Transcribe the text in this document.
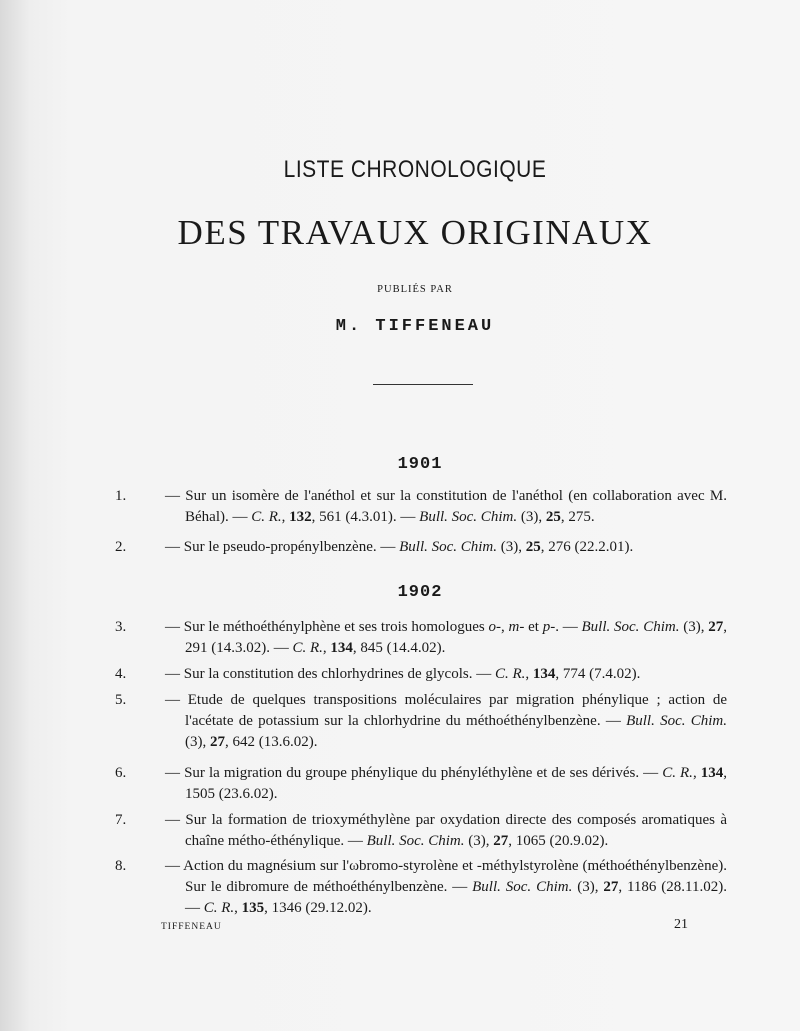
LISTE CHRONOLOGIQUE
DES TRAVAUX ORIGINAUX
PUBLIÉS PAR
M. TIFFENEAU
1901
1.	— Sur un isomère de l'anéthol et sur la constitution de l'anéthol (en collaboration avec M. Béhal). — C. R., 132, 561 (4.3.01). — Bull. Soc. Chim. (3), 25, 275.
2.	— Sur le pseudo-propénylbenzène. — Bull. Soc. Chim. (3), 25, 276 (22.2.01).
1902
3.	— Sur le méthoéthénylphène et ses trois homologues o-, m- et p-. — Bull. Soc. Chim. (3), 27, 291 (14.3.02). — C. R., 134, 845 (14.4.02).
4.	— Sur la constitution des chlorhydrines de glycols. — C. R., 134, 774 (7.4.02).
5.	— Etude de quelques transpositions moléculaires par migration phénylique ; action de l'acétate de potassium sur la chlorhydrine du méthoéthénylbenzène. — Bull. Soc. Chim. (3), 27, 642 (13.6.02).
6.	— Sur la migration du groupe phénylique du phényléthylène et de ses dérivés. — C. R., 134, 1505 (23.6.02).
7.	— Sur la formation de trioxyméthylène par oxydation directe des composés aromatiques à chaîne métho-éthénylique. — Bull. Soc. Chim. (3), 27, 1065 (20.9.02).
8.	— Action du magnésium sur l'ωbromo-styrolène et -méthylstyrolène (méthoéthénylbenzène). Sur le dibromure de méthoéthénylbenzène. — Bull. Soc. Chim. (3), 27, 1186 (28.11.02). — C. R., 135, 1346 (29.12.02).
TIFFENEAU	21
